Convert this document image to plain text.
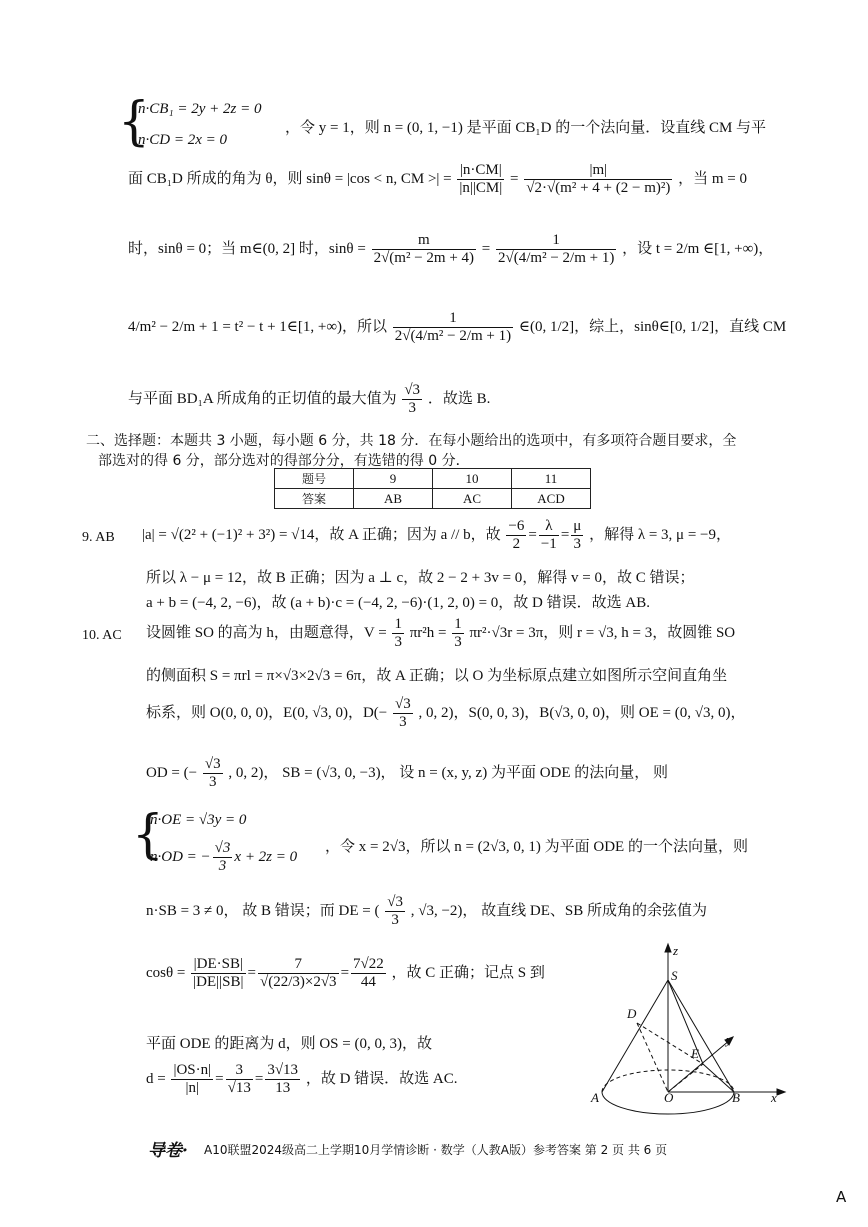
{
n·CB₁ = 2y + 2z = 0
n·CD = 2x = 0
，令 y = 1，则 n = (0, 1, −1) 是平面 CB₁D 的一个法向量．设直线 CM 与平
面 CB₁D 所成的角为 θ，则 sinθ = |cos < n, CM >| = $\frac{|n\cdot CM|}{|n||CM|} = \frac{|m|}{\text{√2·√(m² + 4 + (2 − m)²)}}$ ，当 m = 0
时，sinθ = 0；当 m∈(0, 2] 时，$\sin\theta = \frac{m}{\text{2√(m² − 2m + 4)}} = \frac{1}{\text{2√(4/m² − 2/m + 1)}}$ ，设 t = 2/m ∈[1, +∞)，
4/m² − 2/m + 1 = t² − t + 1∈[1, +∞)，所以 $\frac{1}{\text{2√(4/m² − 2/m + 1)}}$ ∈(0, 1/2]，综上，sinθ∈[0, 1/2]，直线 CM
与平面 BD₁A 所成角的正切值的最大值为 $\frac{√3}{3}$ ．故选 B.
二、选择题：本题共 3 小题，每小题 6 分，共 18 分．在每小题给出的选项中，有多项符合题目要求，全
部选对的得 6 分，部分选对的得部分分，有选错的得 0 分．
题号	9	10	11
答案	AB	AC	ACD
9. AB |a| = √(2² + (−1)² + 3²) = √14，故 A 正确；因为 a // b，故 $\frac{-6}{2} = \frac{\lambda}{-1} = \frac{\mu}{3}$ ，解得 λ = 3, μ = −9，
所以 λ − μ = 12，故 B 正确；因为 a ⊥ c，故 2 − 2 + 3v = 0，解得 v = 0，故 C 错误；
a + b = (−4, 2, −6)，故 (a + b)·c = (−4, 2, −6)·(1, 2, 0) = 0，故 D 错误．故选 AB.
10. AC 设圆锥 SO 的高为 h，由题意得，$V = \frac{1}{3} \pi r^2h = \frac{1}{3} \pi r^2\cdot√3r = 3\pi$，则 r = √3, h = 3，故圆锥 SO
的侧面积 S = πrl = π×√3×2√3 = 6π，故 A 正确；以 O 为坐标原点建立如图所示空间直角坐
标系，则 O(0, 0, 0)，E(0, √3, 0)，$D(- \frac{√3}{3}$ , 0, 2)，S(0, 0, 3)，B(√3, 0, 0)，则 OE = (0, √3, 0)，
OD = (− $\frac{√3}{3}$ , 0, 2)， SB = (√3, 0, −3)， 设 n = (x, y, z) 为平面 ODE 的法向量， 则
{
n·OE = √3y = 0
n·OD = − $\frac{√3}{3}$ x + 2z = 0
，令 x = 2√3，所以 n = (2√3, 0, 1) 为平面 ODE 的一个法向量，则
n·SB = 3 ≠ 0， 故 B 错误；而 DE = ( $\frac{√3}{3}$ , √3, −2)， 故直线 DE、SB 所成角的余弦值为
$\cos\theta = \frac{|DE\cdot SB|}{|DE||SB|} = \frac{7}{√(22/3)\times 2√3} = \frac{7√22}{44}$ ，故 C 正确；记点 S 到
平面 ODE 的距离为 d，则 OS = (0, 0, 3)，故
$d = \frac{|OS\cdot n|}{|n|} = \frac{3}{√13} = \frac{3√13}{13}$ ，故 D 错误．故选 AC.
z
S
D
y
E
A	O	B x
导卷· A10联盟2024级高二上学期10月学情诊断 · 数学（人教A版）参考答案 第 2 页 共 6 页
A
